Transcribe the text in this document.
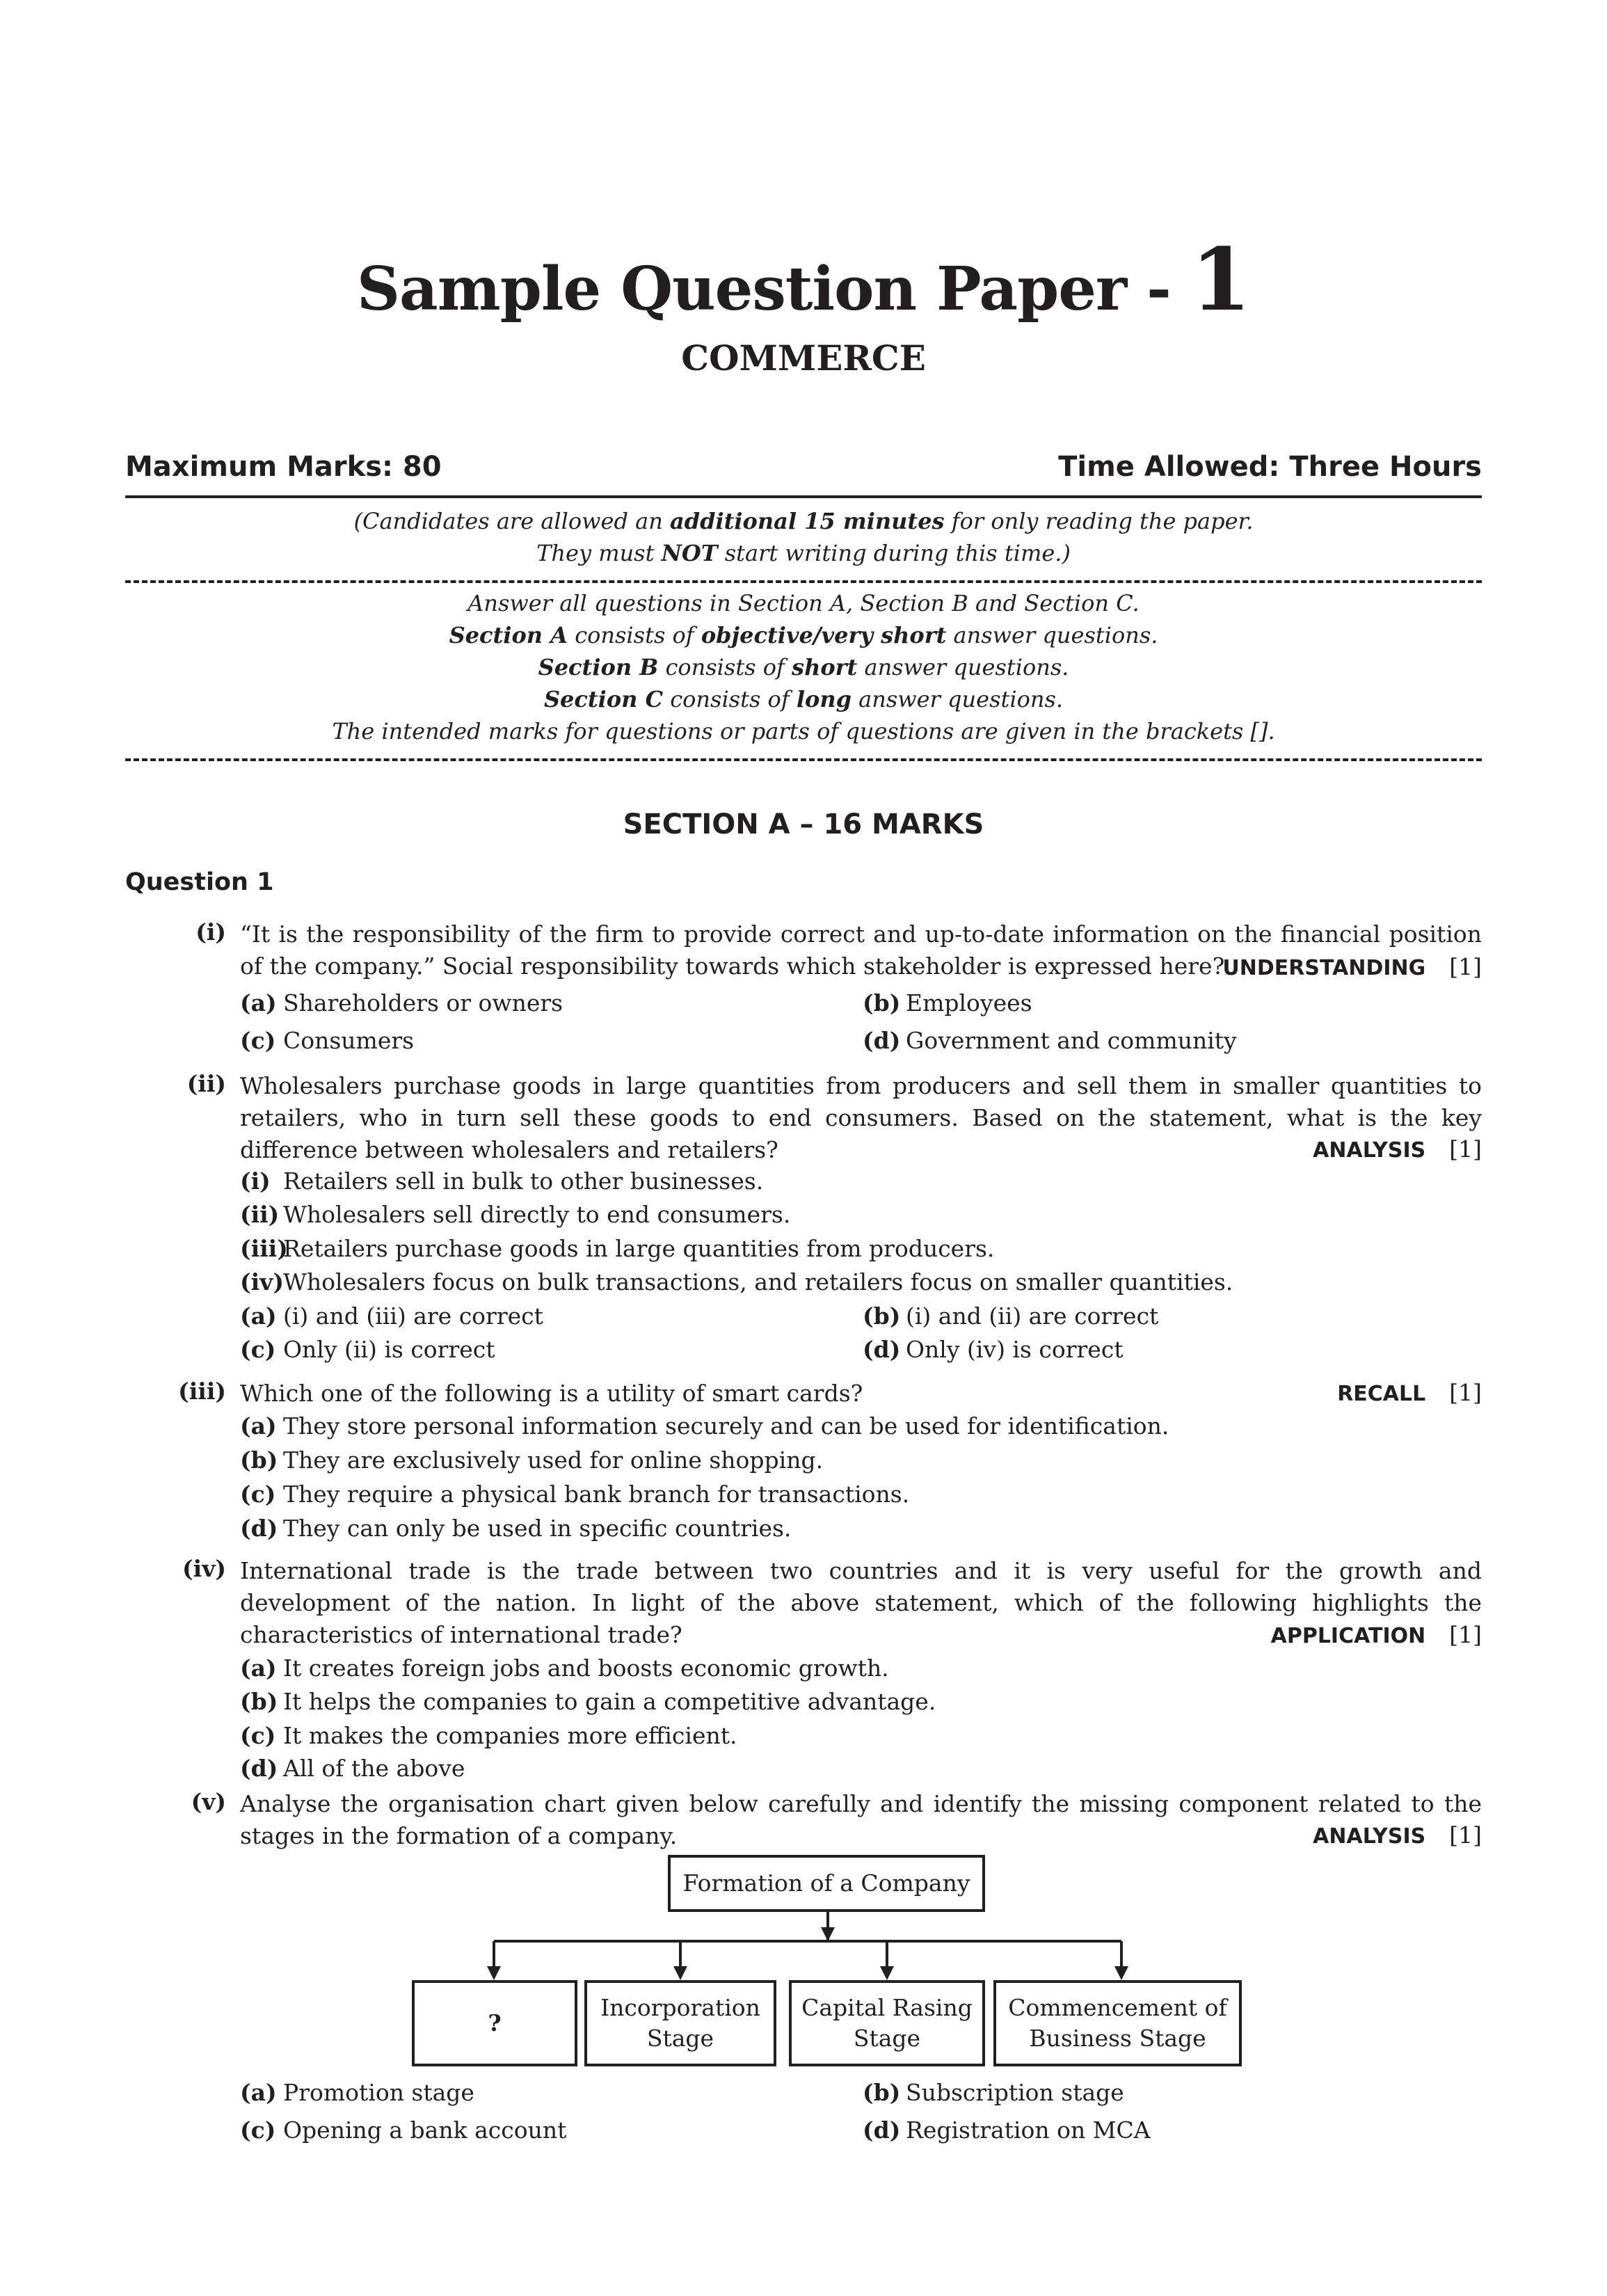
Sample Question Paper - 1
COMMERCE
Maximum Marks: 80	Time Allowed: Three Hours
(Candidates are allowed an additional 15 minutes for only reading the paper.
They must NOT start writing during this time.)
Answer all questions in Section A, Section B and Section C.
Section A consists of objective/very short answer questions.
Section B consists of short answer questions.
Section C consists of long answer questions.
The intended marks for questions or parts of questions are given in the brackets [].
SECTION A – 16 MARKS
Question 1
(i) “It is the responsibility of the firm to provide correct and up-to-date information on the financial position of the company.” Social responsibility towards which stakeholder is expressed here?
UNDERSTANDING [1]
(a) Shareholders or owners	(b) Employees
(c) Consumers	(d) Government and community
(ii) Wholesalers purchase goods in large quantities from producers and sell them in smaller quantities to retailers, who in turn sell these goods to end consumers. Based on the statement, what is the key difference between wholesalers and retailers?	ANALYSIS [1]
(i) Retailers sell in bulk to other businesses.
(ii) Wholesalers sell directly to end consumers.
(iii)Retailers purchase goods in large quantities from producers.
(iv)Wholesalers focus on bulk transactions, and retailers focus on smaller quantities.
(a) (i) and (iii) are correct	(b) (i) and (ii) are correct
(c) Only (ii) is correct	(d) Only (iv) is correct
(iii) Which one of the following is a utility of smart cards?	RECALL [1]
(a) They store personal information securely and can be used for identification.
(b) They are exclusively used for online shopping.
(c) They require a physical bank branch for transactions.
(d) They can only be used in specific countries.
(iv) International trade is the trade between two countries and it is very useful for the growth and development of the nation. In light of the above statement, which of the following highlights the characteristics of international trade?	APPLICATION [1]
(a) It creates foreign jobs and boosts economic growth.
(b) It helps the companies to gain a competitive advantage.
(c) It makes the companies more efficient.
(d) All of the above
(v) Analyse the organisation chart given below carefully and identify the missing component related to the stages in the formation of a company.	ANALYSIS [1]
Formation of a Company
?
Incorporation Stage
Capital Rasing Stage
Commencement of Business Stage
(a) Promotion stage	(b) Subscription stage
(c) Opening a bank account	(d) Registration on MCA
